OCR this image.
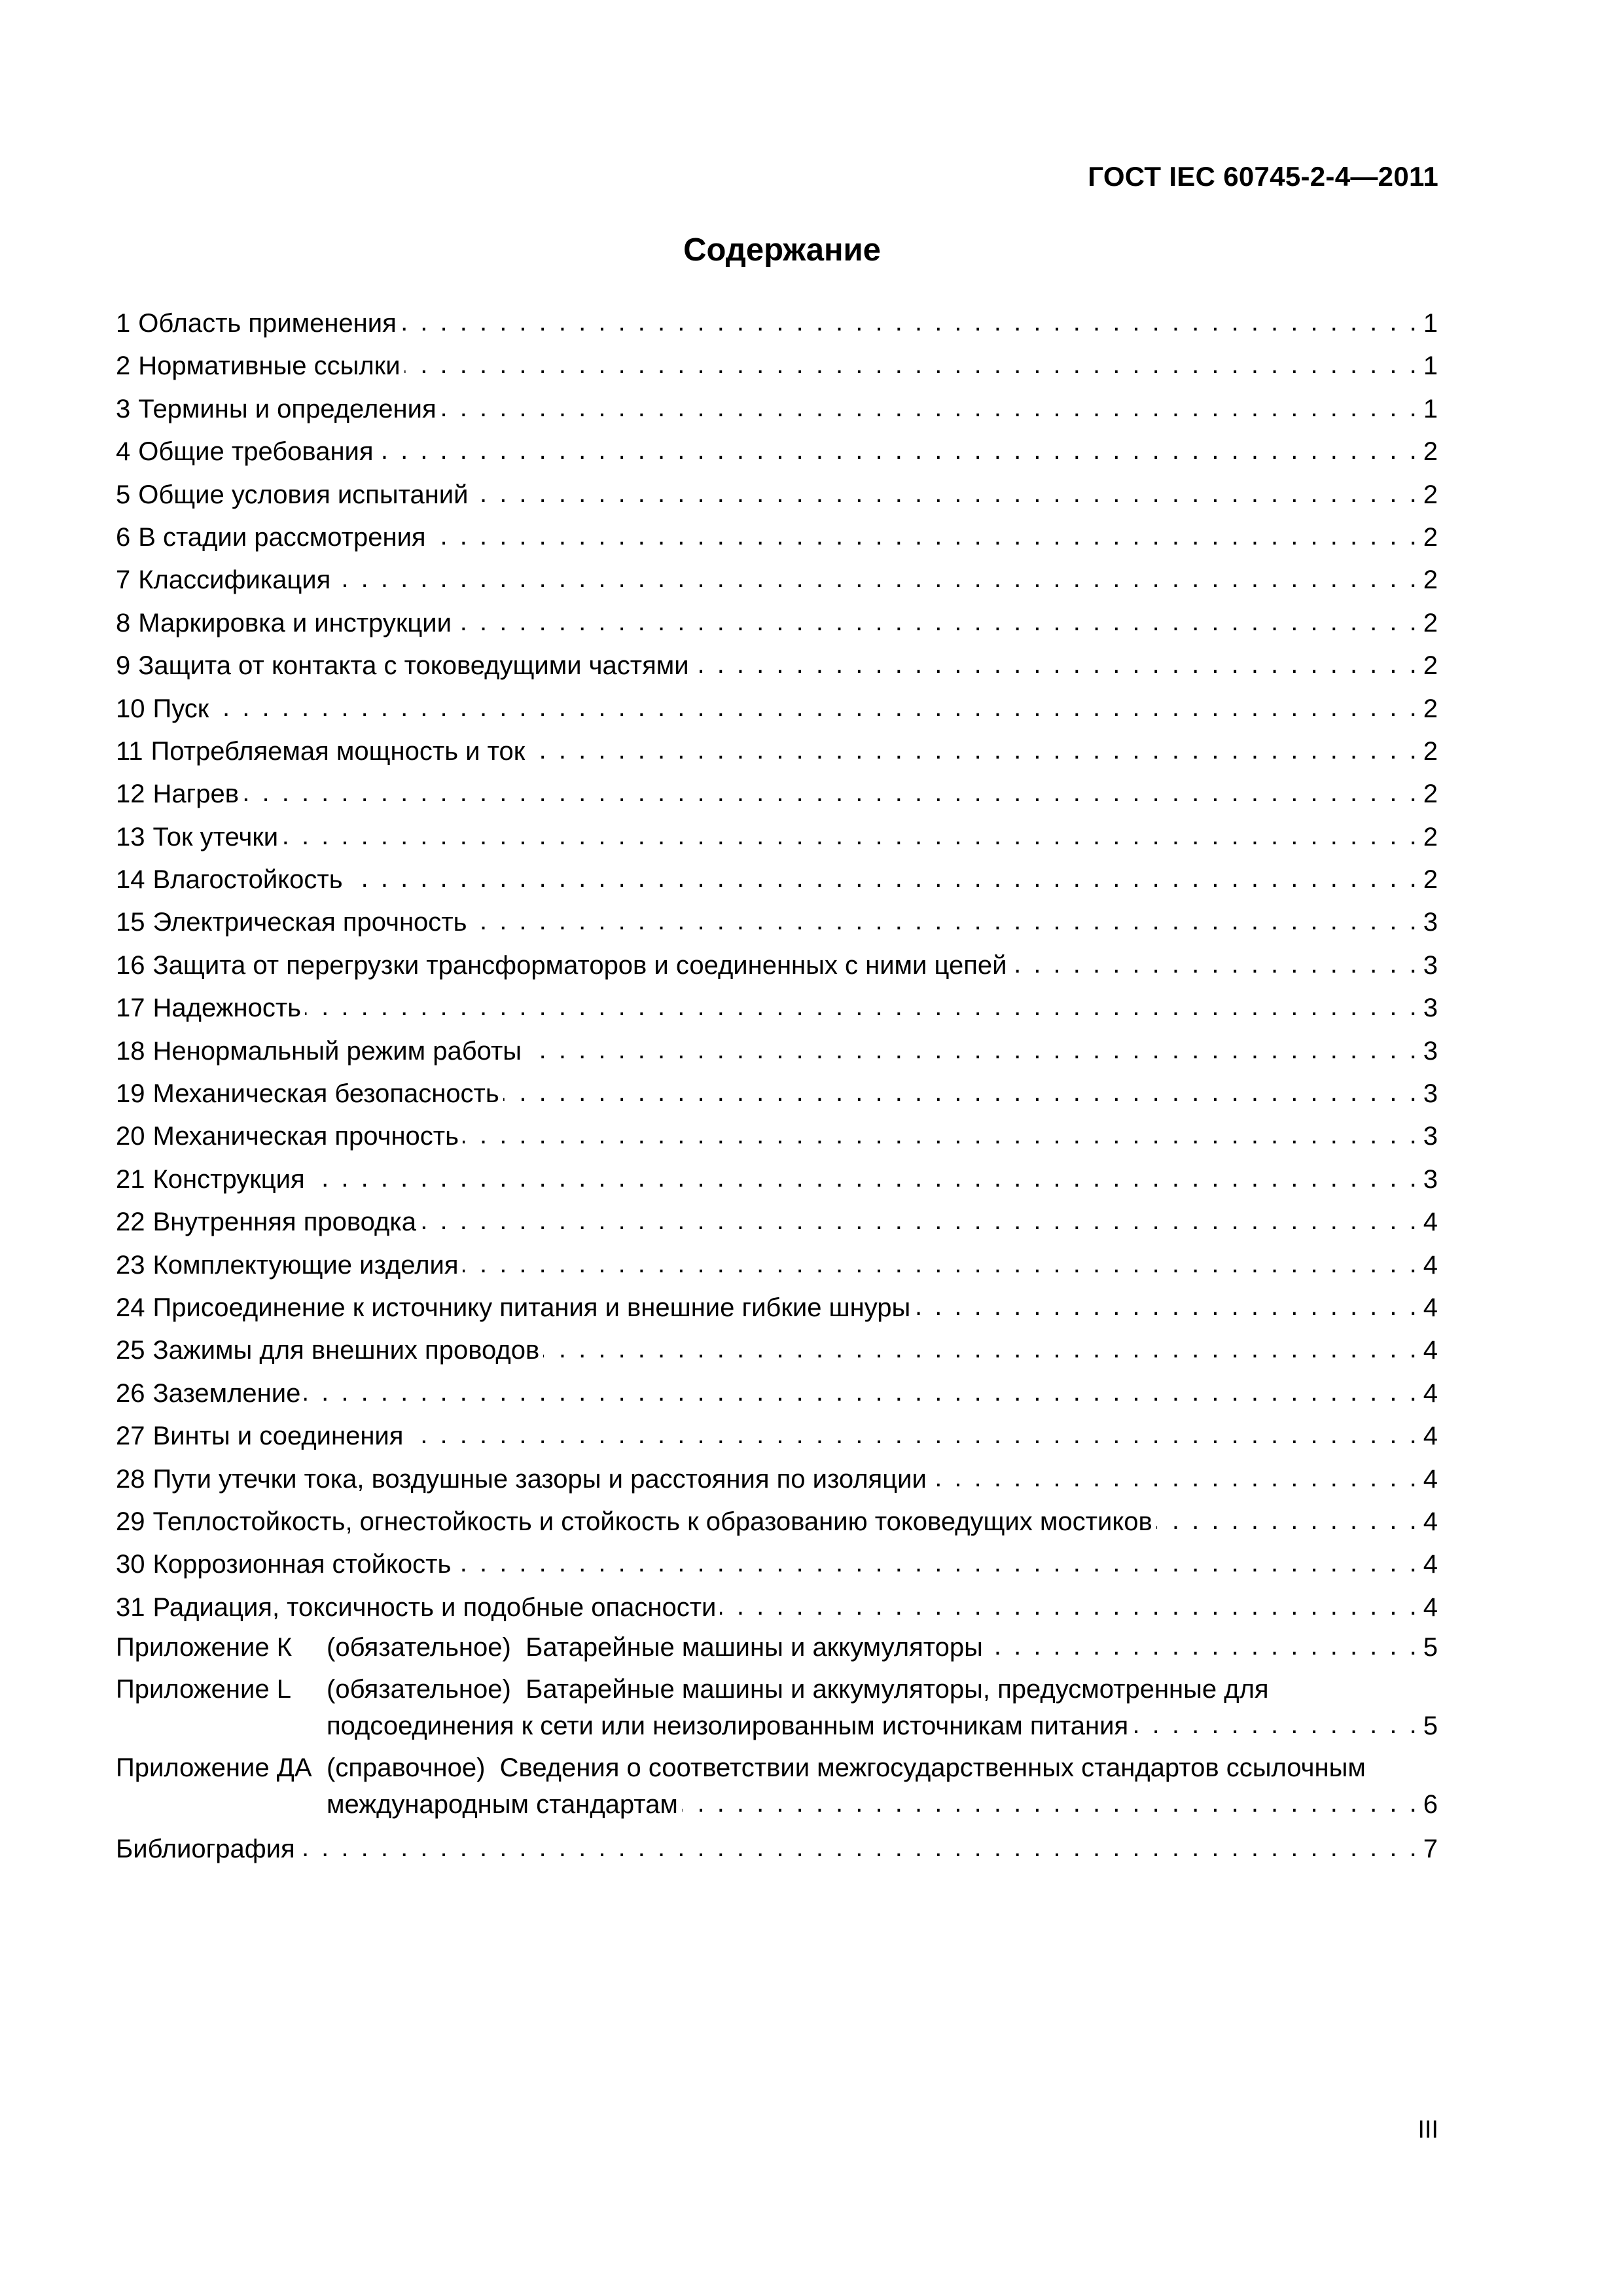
ГОСТ IEC 60745-2-4—2011
Содержание
1 Область применения . . .	1
2 Нормативные ссылки . . .	1
3 Термины и определения . . .	1
4 Общие требования . . .	2
5 Общие условия испытаний . . .	2
6 В стадии рассмотрения . . .	2
7 Классификация . . .	2
8 Маркировка и инструкции . . .	2
9 Защита от контакта с токоведущими частями . . .	2
10 Пуск . . .	2
11 Потребляемая мощность и ток . . .	2
12 Нагрев . . .	2
13 Ток утечки . . .	2
14 Влагостойкость . . .	2
15 Электрическая прочность . . .	3
16 Защита от перегрузки трансформаторов и соединенных с ними цепей . . .	3
17 Надежность . . .	3
18 Ненормальный режим работы . . .	3
19 Механическая безопасность . . .	3
20 Механическая прочность . . .	3
21 Конструкция . . .	3
22 Внутренняя проводка . . .	4
23 Комплектующие изделия . . .	4
24 Присоединение к источнику питания и внешние гибкие шнуры . . .	4
25 Зажимы для внешних проводов . . .	4
26 Заземление . . .	4
27 Винты и соединения . . .	4
28 Пути утечки тока, воздушные зазоры и расстояния по изоляции . . .	4
29 Теплостойкость, огнестойкость и стойкость к образованию токоведущих мостиков . . .	4
30 Коррозионная стойкость . . .	4
31 Радиация, токсичность и подобные опасности . . .	4
Приложение К	(обязательное)
Батарейные машины и аккумуляторы . . .	5
Приложение L	(обязательное)
Батарейные машины и аккумуляторы, предусмотренные для
подсоединения к сети или неизолированным источникам питания . . .	5
Приложение ДА (справочное)
Сведения о соответствии межгосударственных стандартов ссылочным
международным стандартам . . .	6
Библиография . . .	7
III
